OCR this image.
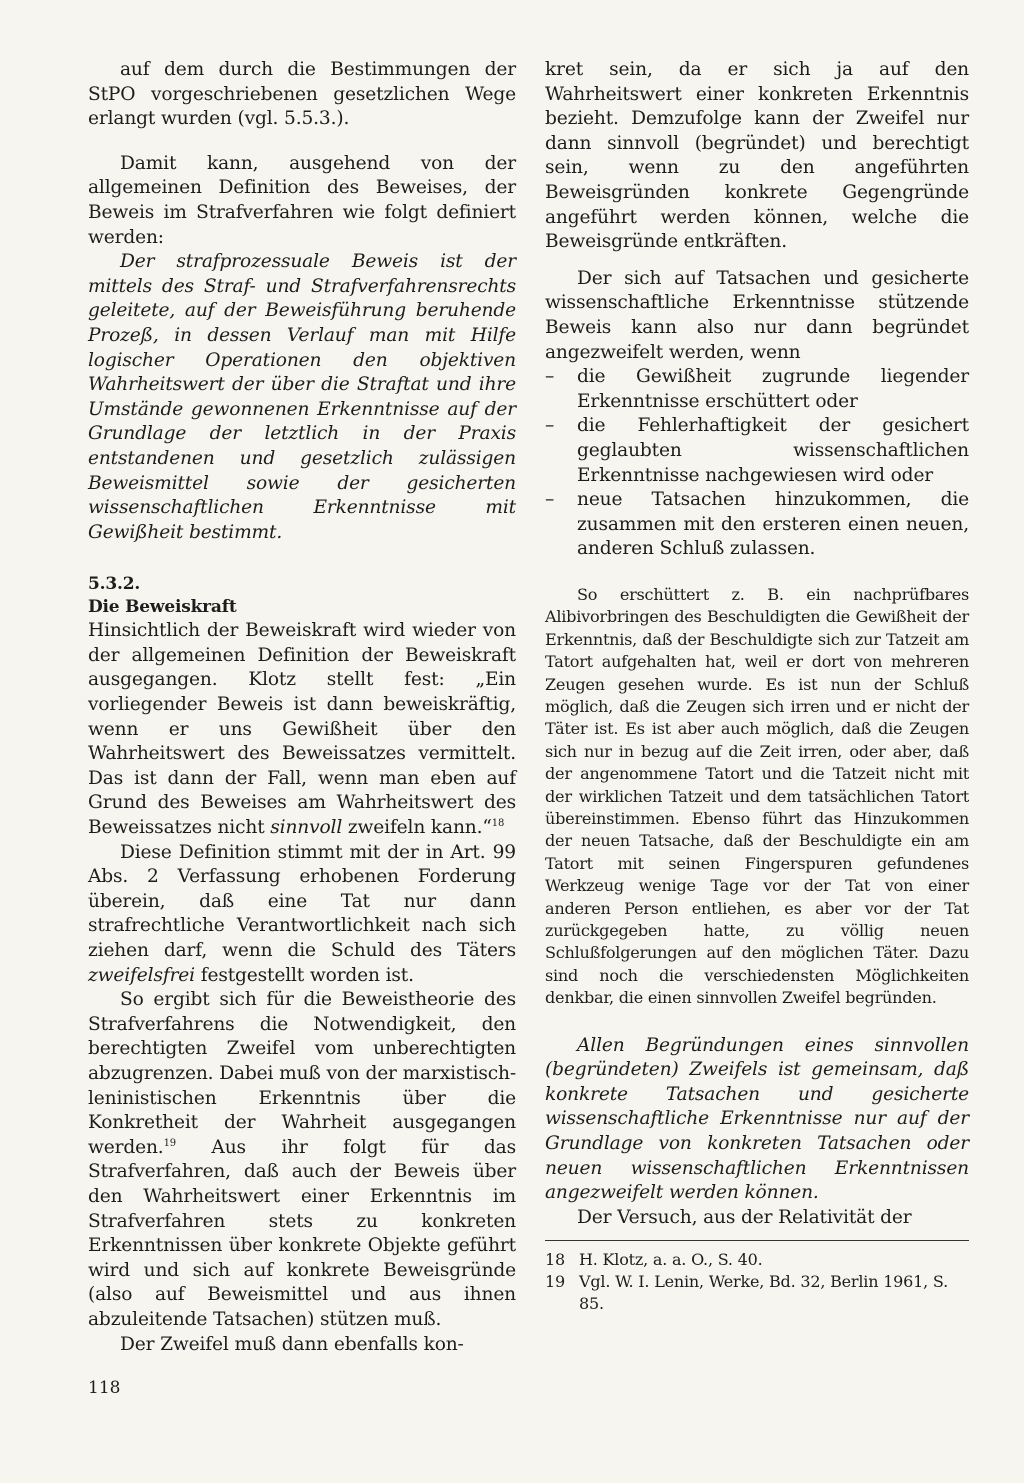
auf dem durch die Bestimmungen der StPO vorgeschriebenen gesetzlichen Wege erlangt wurden (vgl. 5.5.3.).

Damit kann, ausgehend von der allgemeinen Definition des Beweises, der Beweis im Strafverfahren wie folgt definiert werden:

Der strafprozessuale Beweis ist der mittels des Straf- und Strafverfahrensrechts geleitete, auf der Beweisführung beruhende Prozeß, in dessen Verlauf man mit Hilfe logischer Operationen den objektiven Wahrheitswert der über die Straftat und ihre Umstände gewonnenen Erkenntnisse auf der Grundlage der letztlich in der Praxis entstandenen und gesetzlich zulässigen Beweismittel sowie der gesicherten wissenschaftlichen Erkenntnisse mit Gewißheit bestimmt.

5.3.2.
Die Beweiskraft

Hinsichtlich der Beweiskraft wird wieder von der allgemeinen Definition der Beweiskraft ausgegangen. Klotz stellt fest: „Ein vorliegender Beweis ist dann beweiskräftig, wenn er uns Gewißheit über den Wahrheitswert des Beweissatzes vermittelt. Das ist dann der Fall, wenn man eben auf Grund des Beweises am Wahrheitswert des Beweissatzes nicht sinnvoll zweifeln kann.“$^{18}$

Diese Definition stimmt mit der in Art. 99 Abs. 2 Verfassung erhobenen Forderung überein, daß eine Tat nur dann strafrechtliche Verantwortlichkeit nach sich ziehen darf, wenn die Schuld des Täters zweifelsfrei festgestellt worden ist.

So ergibt sich für die Beweistheorie des Strafverfahrens die Notwendigkeit, den berechtigten Zweifel vom unberechtigten abzugrenzen. Dabei muß von der marxistisch-leninistischen Erkenntnis über die Konkretheit der Wahrheit ausgegangen werden.$^{19}$ Aus ihr folgt für das Strafverfahren, daß auch der Beweis über den Wahrheitswert einer Erkenntnis im Strafverfahren stets zu konkreten Erkenntnissen über konkrete Objekte geführt wird und sich auf konkrete Beweisgründe (also auf Beweismittel und aus ihnen abzuleitende Tatsachen) stützen muß.

Der Zweifel muß dann ebenfalls kon-

kret sein, da er sich ja auf den Wahrheitswert einer konkreten Erkenntnis bezieht. Demzufolge kann der Zweifel nur dann sinnvoll (begründet) und berechtigt sein, wenn zu den angeführten Beweisgründen konkrete Gegengründe angeführt werden können, welche die Beweisgründe entkräften.

Der sich auf Tatsachen und gesicherte wissenschaftliche Erkenntnisse stützende Beweis kann also nur dann begründet angezweifelt werden, wenn

– die Gewißheit zugrunde liegender Erkenntnisse erschüttert oder
– die Fehlerhaftigkeit der gesichert geglaubten wissenschaftlichen Erkenntnisse nachgewiesen wird oder
– neue Tatsachen hinzukommen, die zusammen mit den ersteren einen neuen, anderen Schluß zulassen.

So erschüttert z. B. ein nachprüfbares Alibivorbringen des Beschuldigten die Gewißheit der Erkenntnis, daß der Beschuldigte sich zur Tatzeit am Tatort aufgehalten hat, weil er dort von mehreren Zeugen gesehen wurde. Es ist nun der Schluß möglich, daß die Zeugen sich irren und er nicht der Täter ist. Es ist aber auch möglich, daß die Zeugen sich nur in bezug auf die Zeit irren, oder aber, daß der angenommene Tatort und die Tatzeit nicht mit der wirklichen Tatzeit und dem tatsächlichen Tatort übereinstimmen. Ebenso führt das Hinzukommen der neuen Tatsache, daß der Beschuldigte ein am Tatort mit seinen Fingerspuren gefundenes Werkzeug wenige Tage vor der Tat von einer anderen Person entliehen, es aber vor der Tat zurückgegeben hatte, zu völlig neuen Schlußfolgerungen auf den möglichen Täter. Dazu sind noch die verschiedensten Möglichkeiten denkbar, die einen sinnvollen Zweifel begründen.

Allen Begründungen eines sinnvollen (begründeten) Zweifels ist gemeinsam, daß konkrete Tatsachen und gesicherte wissenschaftliche Erkenntnisse nur auf der Grundlage von konkreten Tatsachen oder neuen wissenschaftlichen Erkenntnissen angezweifelt werden können.

Der Versuch, aus der Relativität der

18 H. Klotz, a. a. O., S. 40.
19 Vgl. W. I. Lenin, Werke, Bd. 32, Berlin 1961, S. 85.
118
